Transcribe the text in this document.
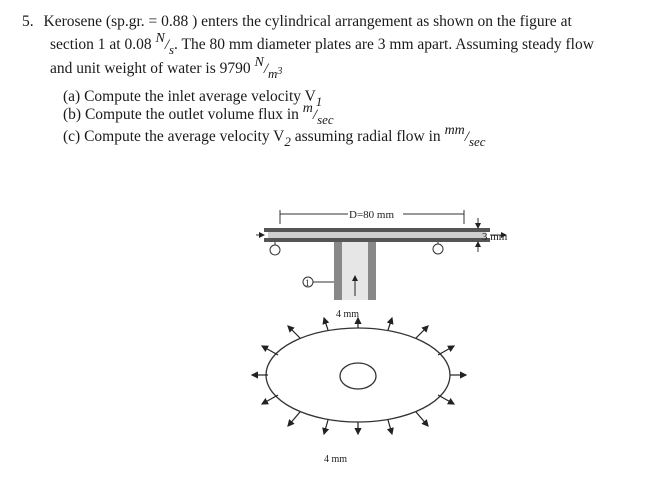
5. Kerosene (sp.gr. = 0.88 ) enters the cylindrical arrangement as shown on the figure at
section 1 at 0.08 N/s. The 80 mm diameter plates are 3 mm apart. Assuming steady flow
and unit weight of water is 9790 N/m3
(a) Compute the inlet average velocity $V_1$
(b) Compute the outlet volume flux in m/sec
(c) Compute the average velocity $V_2$ assuming radial flow in mm/sec
D=80 mm
1
3 mm
4 mm
4 mm
